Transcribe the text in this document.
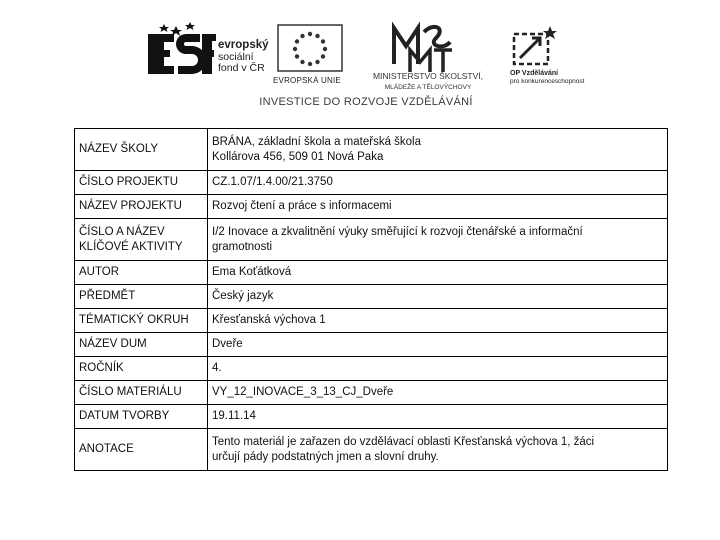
evropský
sociální
fond v ČR
EVROPSKÁ UNIE	MINISTERSTVO ŠKOLSTVÍ,
MLÁDEŽE A TĚLOVÝCHOVY
OP Vzdělávání
pro konkurenceschopnost
INVESTICE DO ROZVOJE VZDĚLÁVÁNÍ
NÁZEV ŠKOLY	BRÁNA, základní škola a mateřská škola
Kollárova 456, 509 01 Nová Paka
ČÍSLO PROJEKTU	CZ.1.07/1.4.00/21.3750
NÁZEV PROJEKTU	Rozvoj čtení a práce s informacemi
ČÍSLO A NÁZEV
KLÍČOVÉ AKTIVITY	I/2 Inovace a zkvalitnění výuky směřující k rozvoji čtenářské a informační
gramotnosti
AUTOR	Ema Koťátková
PŘEDMĚT	Český jazyk
TÉMATICKÝ OKRUH	Křesťanská výchova 1
NÁZEV DUM	Dveře
ROČNÍK	4.
ČÍSLO MATERIÁLU	VY_12_INOVACE_3_13_CJ_Dveře
DATUM TVORBY	19.11.14
ANOTACE	Tento materiál je zařazen do vzdělávací oblasti Křesťanská výchova 1, žáci
určují pády podstatných jmen a slovní druhy.
